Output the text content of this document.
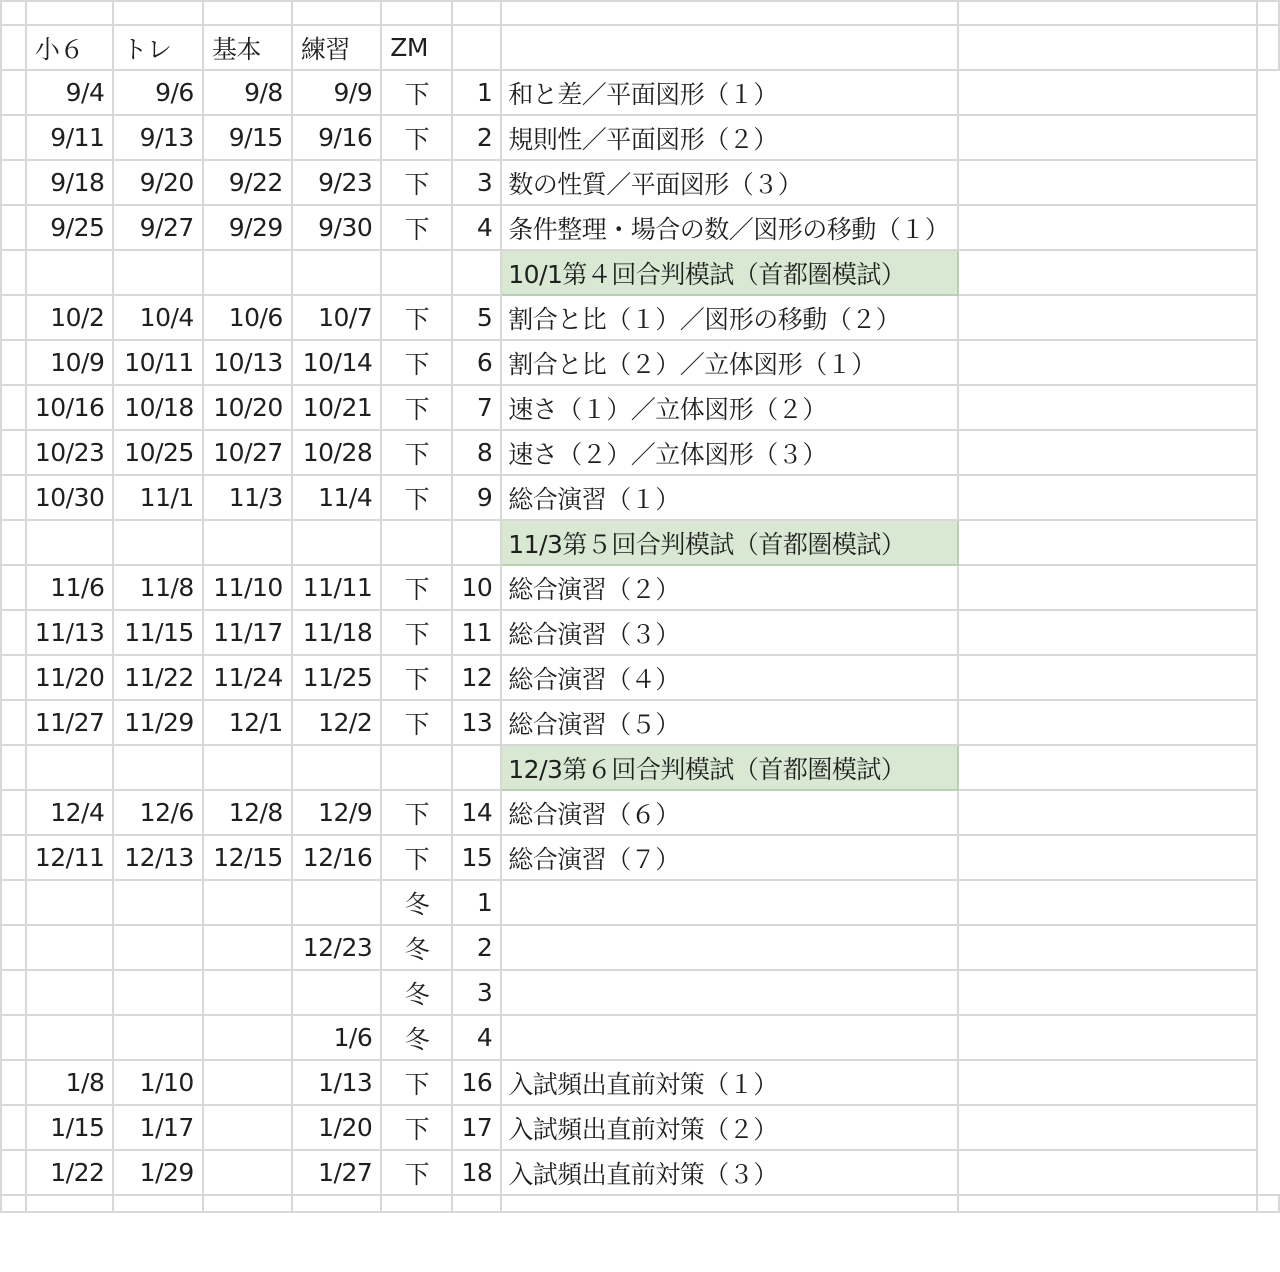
	小６	トレ	基本	練習	ZM				
	9/4	9/6	9/8	9/9	下	1	和と差／平面図形（１）		
	9/11	9/13	9/15	9/16	下	2	規則性／平面図形（２）		
	9/18	9/20	9/22	9/23	下	3	数の性質／平面図形（３）		
	9/25	9/27	9/29	9/30	下	4	条件整理・場合の数／図形の移動（１）		
							10/1第４回合判模試（首都圏模試）		
	10/2	10/4	10/6	10/7	下	5	割合と比（１）／図形の移動（２）		
	10/9	10/11	10/13	10/14	下	6	割合と比（２）／立体図形（１）		
	10/16	10/18	10/20	10/21	下	7	速さ（１）／立体図形（２）		
	10/23	10/25	10/27	10/28	下	8	速さ（２）／立体図形（３）		
	10/30	11/1	11/3	11/4	下	9	総合演習（１）		
							11/3第５回合判模試（首都圏模試）		
	11/6	11/8	11/10	11/11	下	10	総合演習（２）		
	11/13	11/15	11/17	11/18	下	11	総合演習（３）		
	11/20	11/22	11/24	11/25	下	12	総合演習（４）		
	11/27	11/29	12/1	12/2	下	13	総合演習（５）		
							12/3第６回合判模試（首都圏模試）		
	12/4	12/6	12/8	12/9	下	14	総合演習（６）		
	12/11	12/13	12/15	12/16	下	15	総合演習（７）		
					冬	1			
				12/23	冬	2			
					冬	3			
				1/6	冬	4			
	1/8	1/10		1/13	下	16	入試頻出直前対策（１）		
	1/15	1/17		1/20	下	17	入試頻出直前対策（２）		
	1/22	1/29		1/27	下	18	入試頻出直前対策（３）		
